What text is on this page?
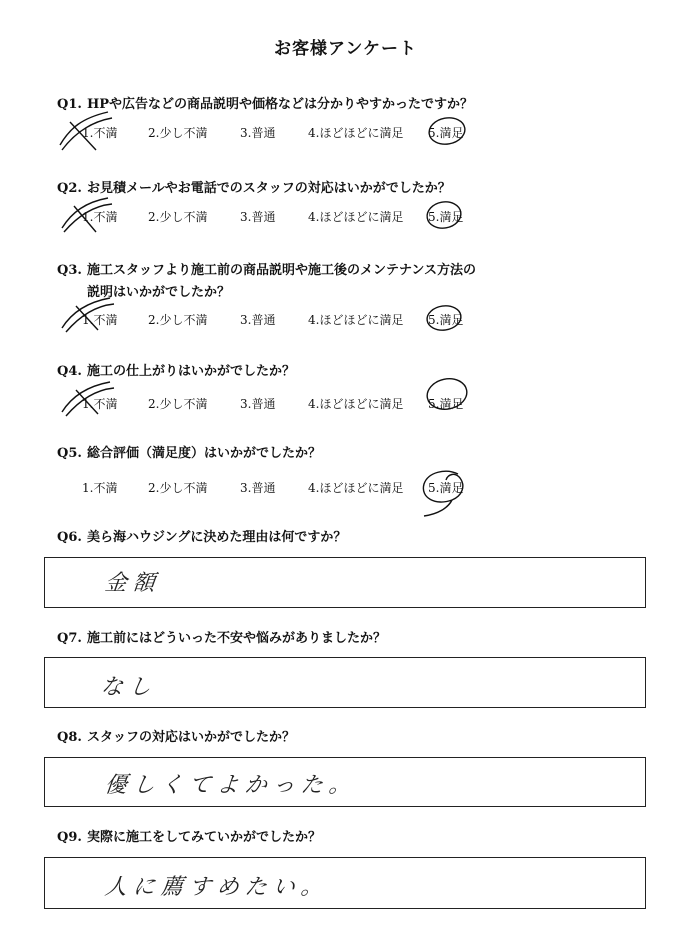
お客様アンケート
Q1. HPや広告などの商品説明や価格などは分かりやすかったですか？
1.不満	2.少し不満	3.普通	4.ほどほどに満足 5.満足
Q2. お見積メールやお電話でのスタッフの対応はいかがでしたか？
1.不満	2.少し不満	3.普通	4.ほどほどに満足 5.満足
Q3. 施工スタッフより施工前の商品説明や施工後のメンテナンス方法の
説明はいかがでしたか？
1.不満	2.少し不満	3.普通	4.ほどほどに満足 5.満足
Q4. 施工の仕上がりはいかがでしたか？
1.不満	2.少し不満	3.普通	4.ほどほどに満足 5.満足
Q5. 総合評価（満足度）はいかがでしたか？
1.不満	2.少し不満	3.普通	4.ほどほどに満足 5.満足
Q6. 美ら海ハウジングに決めた理由は何ですか？
金額
Q7. 施工前にはどういった不安や悩みがありましたか？
なし
Q8. スタッフの対応はいかがでしたか？
優しくてよかった。
Q9. 実際に施工をしてみていかがでしたか？
人に薦すめたい。
